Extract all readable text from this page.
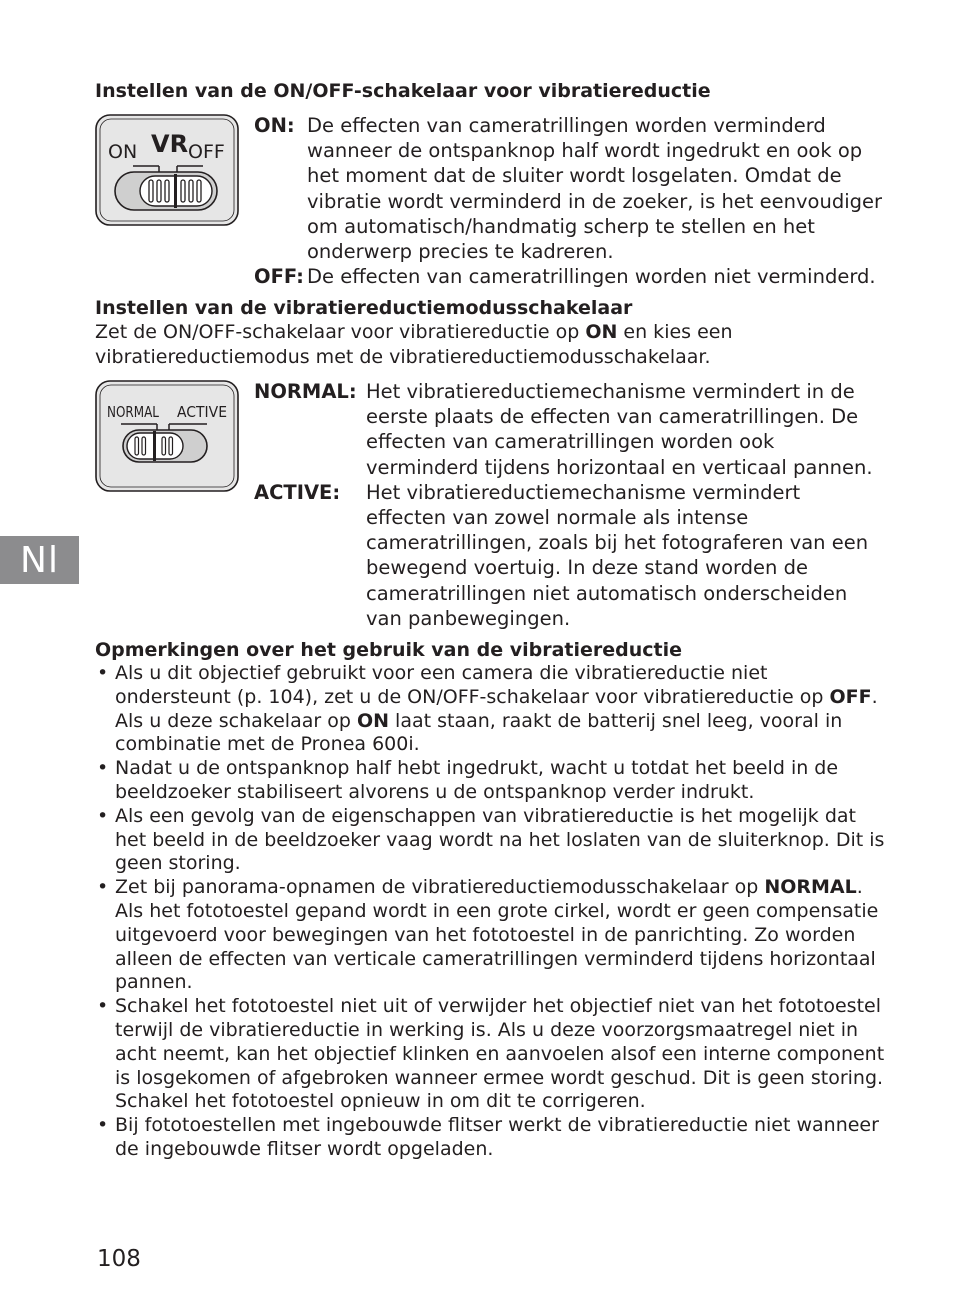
Nl
Instellen van de ON/OFF-schakelaar voor vibratiereductie
ON VR OFF
ON: De effecten van cameratrillingen worden verminderd wanneer de ontspanknop half wordt ingedrukt en ook op het moment dat de sluiter wordt losgelaten. Omdat de vibratie wordt verminderd in de zoeker, is het eenvoudiger om automatisch/handmatig scherp te stellen en het onderwerp precies te kadreren.
OFF: De effecten van cameratrillingen worden niet verminderd.
Instellen van de vibratiereductiemodusschakelaar
Zet de ON/OFF-schakelaar voor vibratiereductie op ON en kies een vibratiereductiemodus met de vibratiereductiemodusschakelaar.
NORMAL ACTIVE
NORMAL: Het vibratiereductiemechanisme vermindert in de eerste plaats de effecten van cameratrillingen. De effecten van cameratrillingen worden ook verminderd tijdens horizontaal en verticaal pannen.
ACTIVE:	Het vibratiereductiemechanisme vermindert effecten van zowel normale als intense cameratrillingen, zoals bij het fotograferen van een bewegend voertuig. In deze stand worden de cameratrillingen niet automatisch onderscheiden van panbewegingen.
Opmerkingen over het gebruik van de vibratiereductie
• Als u dit objectief gebruikt voor een camera die vibratiereductie niet ondersteunt (p. 104), zet u de ON/OFF-schakelaar voor vibratiereductie op OFF. Als u deze schakelaar op ON laat staan, raakt de batterij snel leeg, vooral in combinatie met de Pronea 600i.
• Nadat u de ontspanknop half hebt ingedrukt, wacht u totdat het beeld in de beeldzoeker stabiliseert alvorens u de ontspanknop verder indrukt.
• Als een gevolg van de eigenschappen van vibratiereductie is het mogelijk dat het beeld in de beeldzoeker vaag wordt na het loslaten van de sluiterknop. Dit is geen storing.
• Zet bij panorama-opnamen de vibratiereductiemodusschakelaar op NORMAL. Als het fototoestel gepand wordt in een grote cirkel, wordt er geen compensatie uitgevoerd voor bewegingen van het fototoestel in de panrichting. Zo worden alleen de effecten van verticale cameratrillingen verminderd tijdens horizontaal pannen.
• Schakel het fototoestel niet uit of verwijder het objectief niet van het fototoestel terwijl de vibratiereductie in werking is. Als u deze voorzorgsmaatregel niet in acht neemt, kan het objectief klinken en aanvoelen alsof een interne component is losgekomen of afgebroken wanneer ermee wordt geschud. Dit is geen storing. Schakel het fototoestel opnieuw in om dit te corrigeren.
• Bij fototoestellen met ingebouwde flitser werkt de vibratiereductie niet wanneer de ingebouwde flitser wordt opgeladen.
108
